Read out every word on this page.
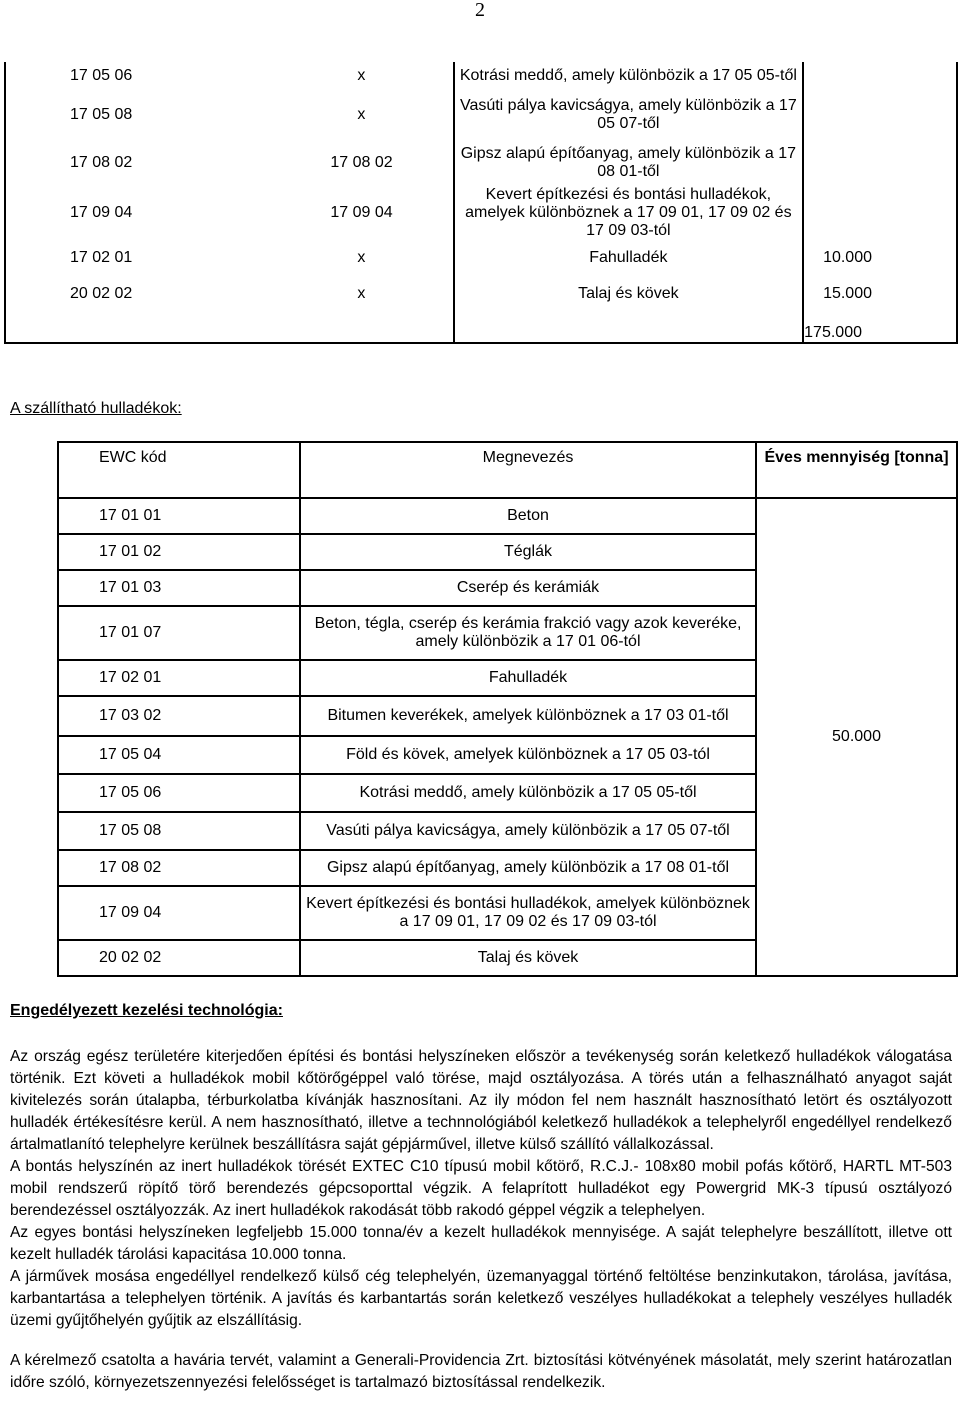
2
17 05 06	x	Kotrási meddő, amely különbözik a 17 05 05-től	
17 05 08	x	Vasúti pálya kavicságya, amely különbözik a 17 05 07-től	
17 08 02	17 08 02	Gipsz alapú építőanyag, amely különbözik a 17 08 01-től	
17 09 04	17 09 04	Kevert építkezési és bontási hulladékok, amelyek különböznek a 17 09 01, 17 09 02 és 17 09 03-tól	
17 02 01	x	Fahulladék	10.000
20 02 02	x	Talaj és kövek	15.000
			175.000
A szállítható hulladékok:
EWC kód	Megnevezés	Éves mennyiség [tonna]
17 01 01	Beton	50.000
17 01 02	Téglák	
17 01 03	Cserép és kerámiák	
17 01 07	Beton, tégla, cserép és kerámia frakció vagy azok keveréke, amely különbözik a 17 01 06-tól	
17 02 01	Fahulladék	
17 03 02	Bitumen keverékek, amelyek különböznek a 17 03 01-től	
17 05 04	Föld és kövek, amelyek különböznek a 17 05 03-tól	
17 05 06	Kotrási meddő, amely különbözik a 17 05 05-től	
17 05 08	Vasúti pálya kavicságya, amely különbözik a 17 05 07-től	
17 08 02	Gipsz alapú építőanyag, amely különbözik a 17 08 01-től	
17 09 04	Kevert építkezési és bontási hulladékok, amelyek különböznek a 17 09 01, 17 09 02 és 17 09 03-tól	
20 02 02	Talaj és kövek	
Engedélyezett kezelési technológia:

Az ország egész területére kiterjedően építési és bontási helyszíneken először a tevékenység során keletkező hulladékok válogatása történik. Ezt követi a hulladékok mobil kőtörőgéppel való törése, majd osztályozása. A törés után a felhasználható anyagot saját kivitelezés során útalapba, térburkolatba kívánják hasznosítani. Az ily módon fel nem használt hasznosítható letört és osztályozott hulladék értékesítésre kerül. A nem hasznosítható, illetve a technnológiából keletkező hulladékok a telephelyről engedéllyel rendelkező ártalmatlanító telephelyre kerülnek beszállításra saját gépjárművel, illetve külső szállító vállalkozással.

A bontás helyszínén az inert hulladékok törését EXTEC C10 típusú mobil kőtörő, R.C.J.- 108x80 mobil pofás kőtörő, HARTL MT-503 mobil rendszerű röpítő törő berendezés gépcsoporttal végzik. A felaprított hulladékot egy Powergrid MK-3 típusú osztályozó berendezéssel osztályozzák. Az inert hulladékok rakodását több rakodó géppel végzik a telephelyen.

Az egyes bontási helyszíneken legfeljebb 15.000 tonna/év a kezelt hulladékok mennyisége. A saját telephelyre beszállított, illetve ott kezelt hulladék tárolási kapacitása 10.000 tonna.

A járművek mosása engedéllyel rendelkező külső cég telephelyén, üzemanyaggal történő feltöltése benzinkutakon, tárolása, javítása, karbantartása a telephelyen történik. A javítás és karbantartás során keletkező veszélyes hulladékokat a telephely veszélyes hulladék üzemi gyűjtőhelyén gyűjtik az elszállításig.

A kérelmező csatolta a havária tervét, valamint a Generali-Providencia Zrt. biztosítási kötvényének másolatát, mely szerint határozatlan időre szóló, környezetszennyezési felelősséget is tartalmazó biztosítással rendelkezik.
